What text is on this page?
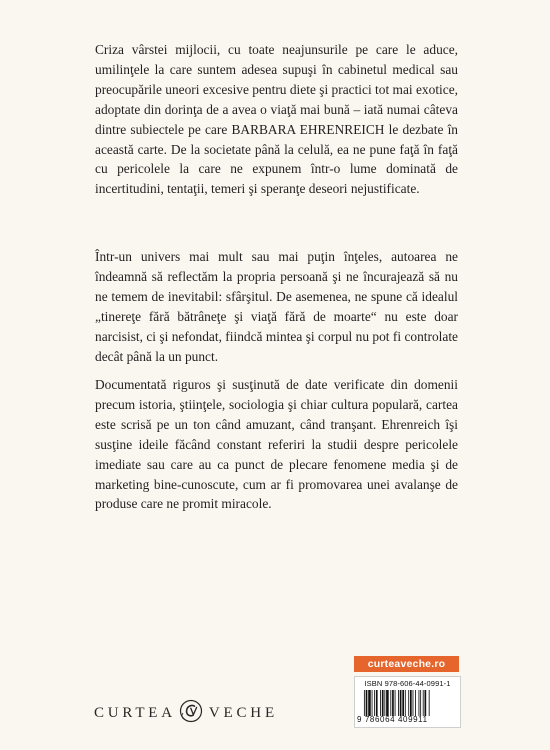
Criza vârstei mijlocii, cu toate neajunsurile pe care le aduce, umilinţele la care suntem adesea supuşi în cabinetul medical sau preocupările uneori excesive pentru diete şi practici tot mai exotice, adoptate din dorinţa de a avea o viaţă mai bună – iată numai câteva dintre subiectele pe care BARBARA EHRENREICH le dezbate în această carte. De la societate până la celulă, ea ne pune faţă în faţă cu pericolele la care ne expunem într-o lume dominată de incertitudini, tentaţii, temeri şi speranţe deseori nejustificate.

Într-un univers mai mult sau mai puţin înţeles, autoarea ne îndeamnă să reflectăm la propria persoană şi ne încurajează să nu ne temem de inevitabil: sfârşitul. De asemenea, ne spune că idealul „tinereţe fără bătrâneţe şi viaţă fără de moarte“ nu este doar narcisist, ci şi nefondat, fiindcă mintea şi corpul nu pot fi controlate decât până la un punct.

Documentată riguros şi susţinută de date verificate din domenii precum istoria, ştiinţele, sociologia şi chiar cultura populară, cartea este scrisă pe un ton când amuzant, când tranşant. Ehrenreich îşi susţine ideile făcând constant referiri la studii despre pericolele imediate sau care au ca punct de plecare fenomene media şi de marketing bine-cunoscute, cum ar fi promovarea unei avalanşe de produse care ne promit miracole.

CURTEA VECHE
curteaveche.ro
ISBN 978-606-44-0991-1
9 786064 409911
